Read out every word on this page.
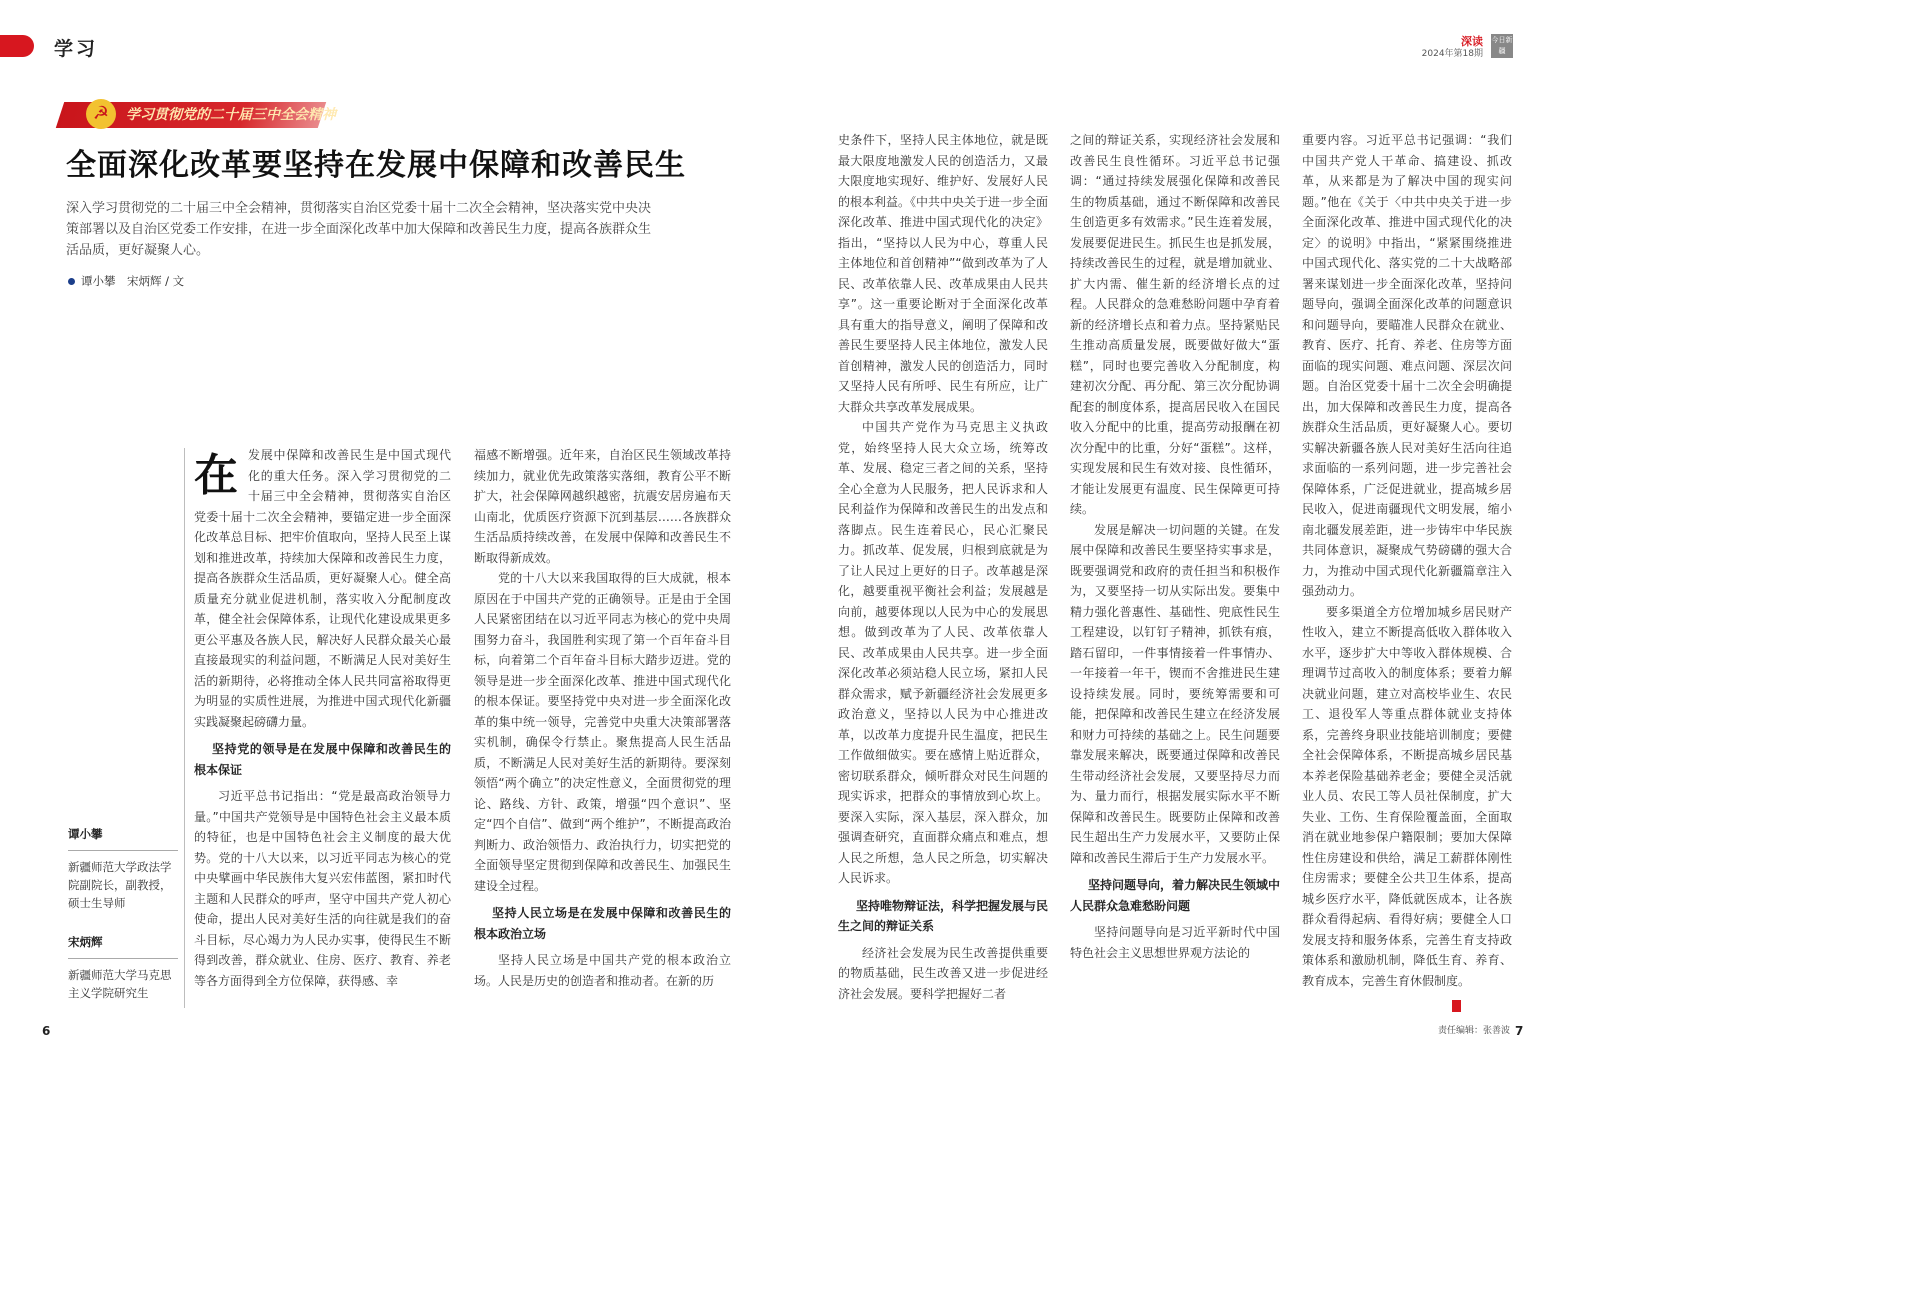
学习	深读
2024年第18期
今日新疆
☭	学习贯彻党的二十届三中全会精神
全面深化改革要坚持在发展中保障和改善民生
深入学习贯彻党的二十届三中全会精神，贯彻落实自治区党委十届十二次全会精神，坚决落实党中央决策部署以及自治区党委工作安排，在进一步全面深化改革中加大保障和改善民生力度，提高各族群众生活品质，更好凝聚人心。
谭小攀　宋炳辉 / 文
谭小攀
新疆师范大学政法学院副院长，副教授，硕士生导师
宋炳辉
新疆师范大学马克思主义学院研究生
在 发展中保障和改善民生是中国式现代化的重大任务。深入学习贯彻党的二十届三中全会精神，贯彻落实自治区党委十届十二次全会精神，要锚定进一步全面深化改革总目标、把牢价值取向，坚持人民至上谋划和推进改革，持续加大保障和改善民生力度，提高各族群众生活品质，更好凝聚人心。健全高质量充分就业促进机制，落实收入分配制度改革，健全社会保障体系，让现代化建设成果更多更公平惠及各族人民，解决好人民群众最关心最直接最现实的利益问题，不断满足人民对美好生活的新期待，必将推动全体人民共同富裕取得更为明显的实质性进展，为推进中国式现代化新疆实践凝聚起磅礴力量。

坚持党的领导是在发展中保障和改善民生的根本保证

习近平总书记指出：“党是最高政治领导力量。”中国共产党领导是中国特色社会主义最本质的特征，也是中国特色社会主义制度的最大优势。党的十八大以来，以习近平同志为核心的党中央擘画中华民族伟大复兴宏伟蓝图，紧扣时代主题和人民群众的呼声，坚守中国共产党人初心使命，提出人民对美好生活的向往就是我们的奋斗目标，尽心竭力为人民办实事，使得民生不断得到改善，群众就业、住房、医疗、教育、养老等各方面得到全方位保障，获得感、幸

福感不断增强。近年来，自治区民生领域改革持续加力，就业优先政策落实落细，教育公平不断扩大，社会保障网越织越密，抗震安居房遍布天山南北，优质医疗资源下沉到基层……各族群众生活品质持续改善，在发展中保障和改善民生不断取得新成效。

党的十八大以来我国取得的巨大成就，根本原因在于中国共产党的正确领导。正是由于全国人民紧密团结在以习近平同志为核心的党中央周围努力奋斗，我国胜利实现了第一个百年奋斗目标，向着第二个百年奋斗目标大踏步迈进。党的领导是进一步全面深化改革、推进中国式现代化的根本保证。要坚持党中央对进一步全面深化改革的集中统一领导，完善党中央重大决策部署落实机制，确保令行禁止。聚焦提高人民生活品质，不断满足人民对美好生活的新期待。要深刻领悟“两个确立”的决定性意义，全面贯彻党的理论、路线、方针、政策，增强“四个意识”、坚定“四个自信”、做到“两个维护”，不断提高政治判断力、政治领悟力、政治执行力，切实把党的全面领导坚定贯彻到保障和改善民生、加强民生建设全过程。

坚持人民立场是在发展中保障和改善民生的根本政治立场

坚持人民立场是中国共产党的根本政治立场。人民是历史的创造者和推动者。在新的历

史条件下，坚持人民主体地位，就是既最大限度地激发人民的创造活力，又最大限度地实现好、维护好、发展好人民的根本利益。《中共中央关于进一步全面深化改革、推进中国式现代化的决定》指出，“坚持以人民为中心，尊重人民主体地位和首创精神”“做到改革为了人民、改革依靠人民、改革成果由人民共享”。这一重要论断对于全面深化改革具有重大的指导意义，阐明了保障和改善民生要坚持人民主体地位，激发人民首创精神，激发人民的创造活力，同时又坚持人民有所呼、民生有所应，让广大群众共享改革发展成果。

中国共产党作为马克思主义执政党，始终坚持人民大众立场，统筹改革、发展、稳定三者之间的关系，坚持全心全意为人民服务，把人民诉求和人民利益作为保障和改善民生的出发点和落脚点。民生连着民心，民心汇聚民力。抓改革、促发展，归根到底就是为了让人民过上更好的日子。改革越是深化，越要重视平衡社会利益；发展越是向前，越要体现以人民为中心的发展思想。做到改革为了人民、改革依靠人民、改革成果由人民共享。进一步全面深化改革必须站稳人民立场，紧扣人民群众需求，赋予新疆经济社会发展更多政治意义，坚持以人民为中心推进改革，以改革力度提升民生温度，把民生工作做细做实。要在感情上贴近群众，密切联系群众，倾听群众对民生问题的现实诉求，把群众的事情放到心坎上。要深入实际，深入基层，深入群众，加强调查研究，直面群众痛点和难点，想人民之所想，急人民之所急，切实解决人民诉求。

坚持唯物辩证法，科学把握发展与民生之间的辩证关系

经济社会发展为民生改善提供重要的物质基础，民生改善又进一步促进经济社会发展。要科学把握好二者

之间的辩证关系，实现经济社会发展和改善民生良性循环。习近平总书记强调：“通过持续发展强化保障和改善民生的物质基础，通过不断保障和改善民生创造更多有效需求。”民生连着发展，发展要促进民生。抓民生也是抓发展，持续改善民生的过程，就是增加就业、扩大内需、催生新的经济增长点的过程。人民群众的急难愁盼问题中孕育着新的经济增长点和着力点。坚持紧贴民生推动高质量发展，既要做好做大“蛋糕”，同时也要完善收入分配制度，构建初次分配、再分配、第三次分配协调配套的制度体系，提高居民收入在国民收入分配中的比重，提高劳动报酬在初次分配中的比重，分好“蛋糕”。这样，实现发展和民生有效对接、良性循环，才能让发展更有温度、民生保障更可持续。

发展是解决一切问题的关键。在发展中保障和改善民生要坚持实事求是，既要强调党和政府的责任担当和积极作为，又要坚持一切从实际出发。要集中精力强化普惠性、基础性、兜底性民生工程建设，以钉钉子精神，抓铁有痕，踏石留印，一件事情接着一件事情办、一年接着一年干，锲而不舍推进民生建设持续发展。同时，要统筹需要和可能，把保障和改善民生建立在经济发展和财力可持续的基础之上。民生问题要靠发展来解决，既要通过保障和改善民生带动经济社会发展，又要坚持尽力而为、量力而行，根据发展实际水平不断保障和改善民生。既要防止保障和改善民生超出生产力发展水平，又要防止保障和改善民生滞后于生产力发展水平。

坚持问题导向，着力解决民生领域中人民群众急难愁盼问题

坚持问题导向是习近平新时代中国特色社会主义思想世界观方法论的

重要内容。习近平总书记强调：“我们中国共产党人干革命、搞建设、抓改革，从来都是为了解决中国的现实问题。”他在《关于〈中共中央关于进一步全面深化改革、推进中国式现代化的决定〉的说明》中指出，“紧紧围绕推进中国式现代化、落实党的二十大战略部署来谋划进一步全面深化改革，坚持问题导向，强调全面深化改革的问题意识和问题导向，要瞄准人民群众在就业、教育、医疗、托育、养老、住房等方面面临的现实问题、难点问题、深层次问题。自治区党委十届十二次全会明确提出，加大保障和改善民生力度，提高各族群众生活品质，更好凝聚人心。要切实解决新疆各族人民对美好生活向往追求面临的一系列问题，进一步完善社会保障体系，广泛促进就业，提高城乡居民收入，促进南疆现代文明发展，缩小南北疆发展差距，进一步铸牢中华民族共同体意识，凝聚成气势磅礴的强大合力，为推动中国式现代化新疆篇章注入强劲动力。

要多渠道全方位增加城乡居民财产性收入，建立不断提高低收入群体收入水平，逐步扩大中等收入群体规模、合理调节过高收入的制度体系；要着力解决就业问题，建立对高校毕业生、农民工、退役军人等重点群体就业支持体系，完善终身职业技能培训制度；要健全社会保障体系，不断提高城乡居民基本养老保险基础养老金；要健全灵活就业人员、农民工等人员社保制度，扩大失业、工伤、生育保险覆盖面，全面取消在就业地参保户籍限制；要加大保障性住房建设和供给，满足工薪群体刚性住房需求；要健全公共卫生体系，提高城乡医疗水平，降低就医成本，让各族群众看得起病、看得好病；要健全人口发展支持和服务体系，完善生育支持政策体系和激励机制，降低生育、养育、教育成本，完善生育休假制度。

6	7
责任编辑：张善波
